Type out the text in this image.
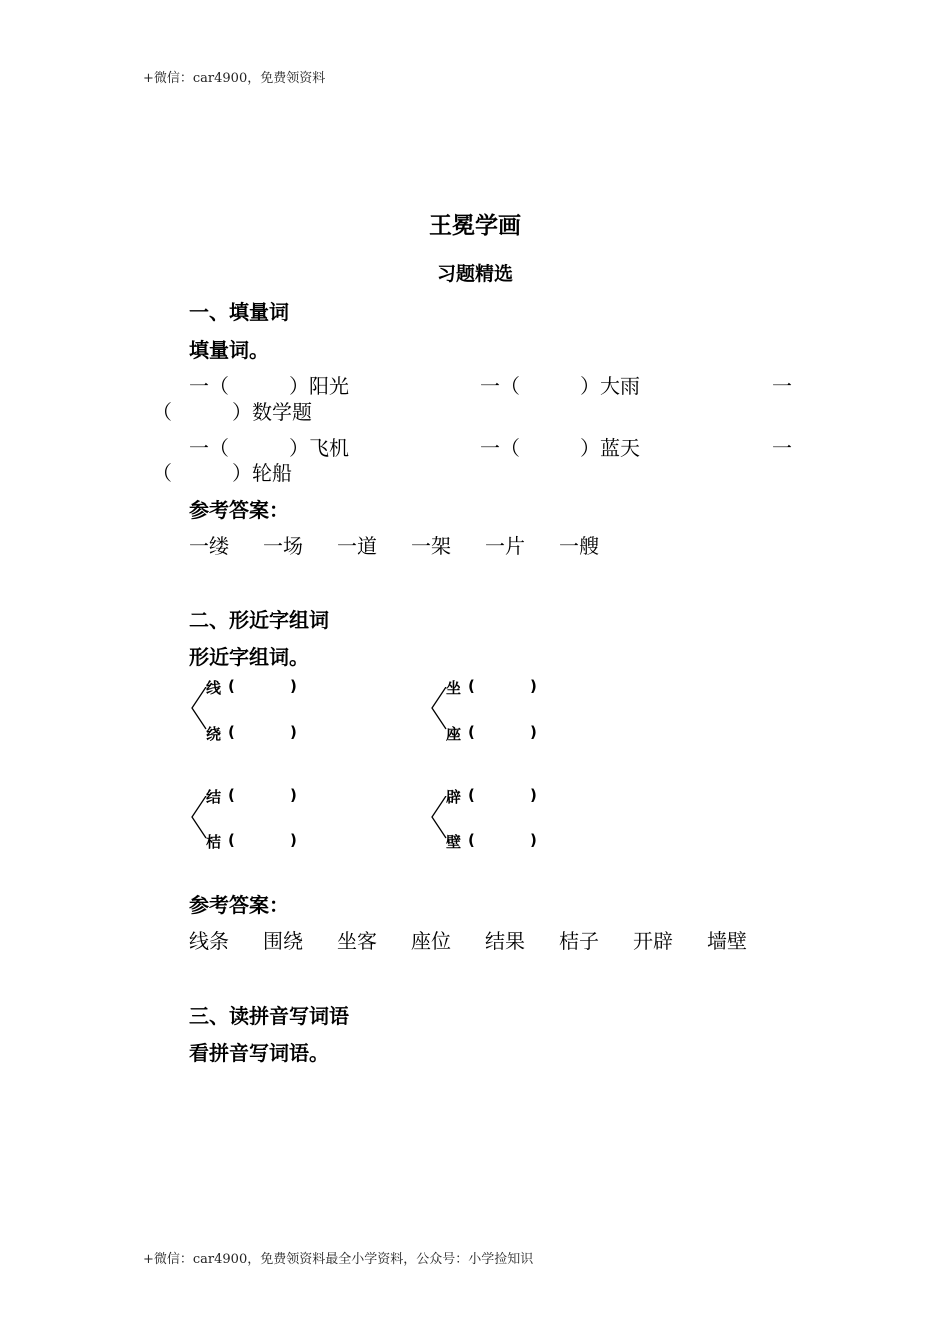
+微信：car4900，免费领资料
王冕学画
习题精选
一、填量词
填量词。
一（　　　）阳光	一（　　　）大雨	一
（　　　）数学题
一（　　　）飞机	一（　　　）蓝天	一
（　　　）轮船
参考答案：
一缕 一场 一道 一架 一片 一艘
二、形近字组词
形近字组词。
线 (	)
绕 (	)
坐 (	)
座 (	)
结 (	)
桔 (	)
辟 (	)
壁 (	)
参考答案：
线条 围绕 坐客 座位 结果 桔子 开辟 墙壁
三、读拼音写词语
看拼音写词语。
+微信：car4900，免费领资料最全小学资料，公众号：小学捡知识
